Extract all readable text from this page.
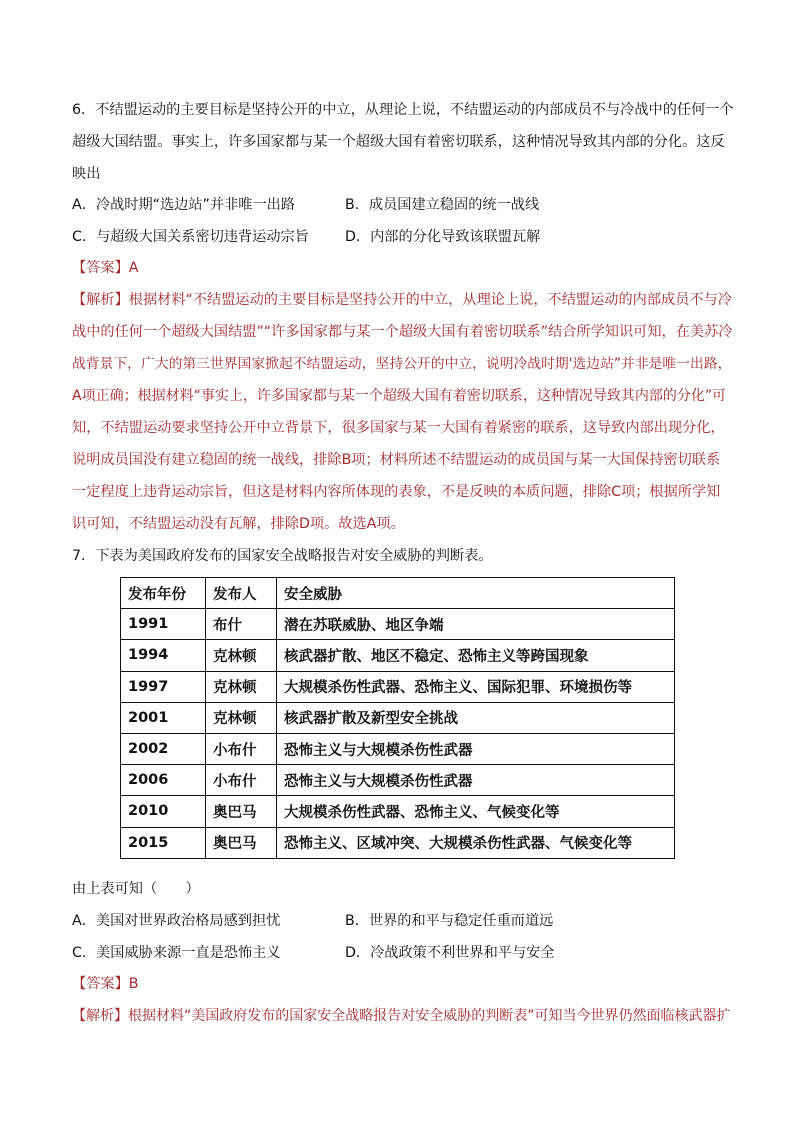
6．不结盟运动的主要目标是坚持公开的中立，从理论上说，不结盟运动的内部成员不与冷战中的任何一个
超级大国结盟。事实上，许多国家都与某一个超级大国有着密切联系，这种情况导致其内部的分化。这反
映出
A．冷战时期“选边站”并非唯一出路	B．成员国建立稳固的统一战线
C．与超级大国关系密切违背运动宗旨	D．内部的分化导致该联盟瓦解
【答案】A
【解析】根据材料“不结盟运动的主要目标是坚持公开的中立，从理论上说，不结盟运动的内部成员不与冷
战中的任何一个超级大国结盟”“许多国家都与某一个超级大国有着密切联系”结合所学知识可知，在美苏冷
战背景下，广大的第三世界国家掀起不结盟运动，坚持公开的中立，说明冷战时期'选边站”并非是唯一出路，
A项正确；根据材料“事实上，许多国家都与某一个超级大国有着密切联系，这种情况导致其内部的分化”可
知，不结盟运动要求坚持公开中立背景下，很多国家与某一大国有着紧密的联系，这导致内部出现分化，
说明成员国没有建立稳固的统一战线，排除B项；材料所述不结盟运动的成员国与某一大国保持密切联系
一定程度上违背运动宗旨，但这是材料内容所体现的表象，不是反映的本质问题，排除C项；根据所学知
识可知，不结盟运动没有瓦解，排除D项。故选A项。
7．下表为美国政府发布的国家安全战略报告对安全威胁的判断表。
发布年份	发布人	安全威胁
1991	布什	潜在苏联威胁、地区争端
1994	克林顿	核武器扩散、地区不稳定、恐怖主义等跨国现象
1997	克林顿	大规模杀伤性武器、恐怖主义、国际犯罪、环境损伤等
2001	克林顿	核武器扩散及新型安全挑战
2002	小布什	恐怖主义与大规模杀伤性武器
2006	小布什	恐怖主义与大规模杀伤性武器
2010	奥巴马	大规模杀伤性武器、恐怖主义、气候变化等
2015	奥巴马	恐怖主义、区域冲突、大规模杀伤性武器、气候变化等
由上表可知（　　）
A．美国对世界政治格局感到担忧	B．世界的和平与稳定任重而道远
C．美国威胁来源一直是恐怖主义	D．冷战政策不利世界和平与安全
【答案】B
【解析】根据材料“美国政府发布的国家安全战略报告对安全威胁的判断表”可知当今世界仍然面临核武器扩
